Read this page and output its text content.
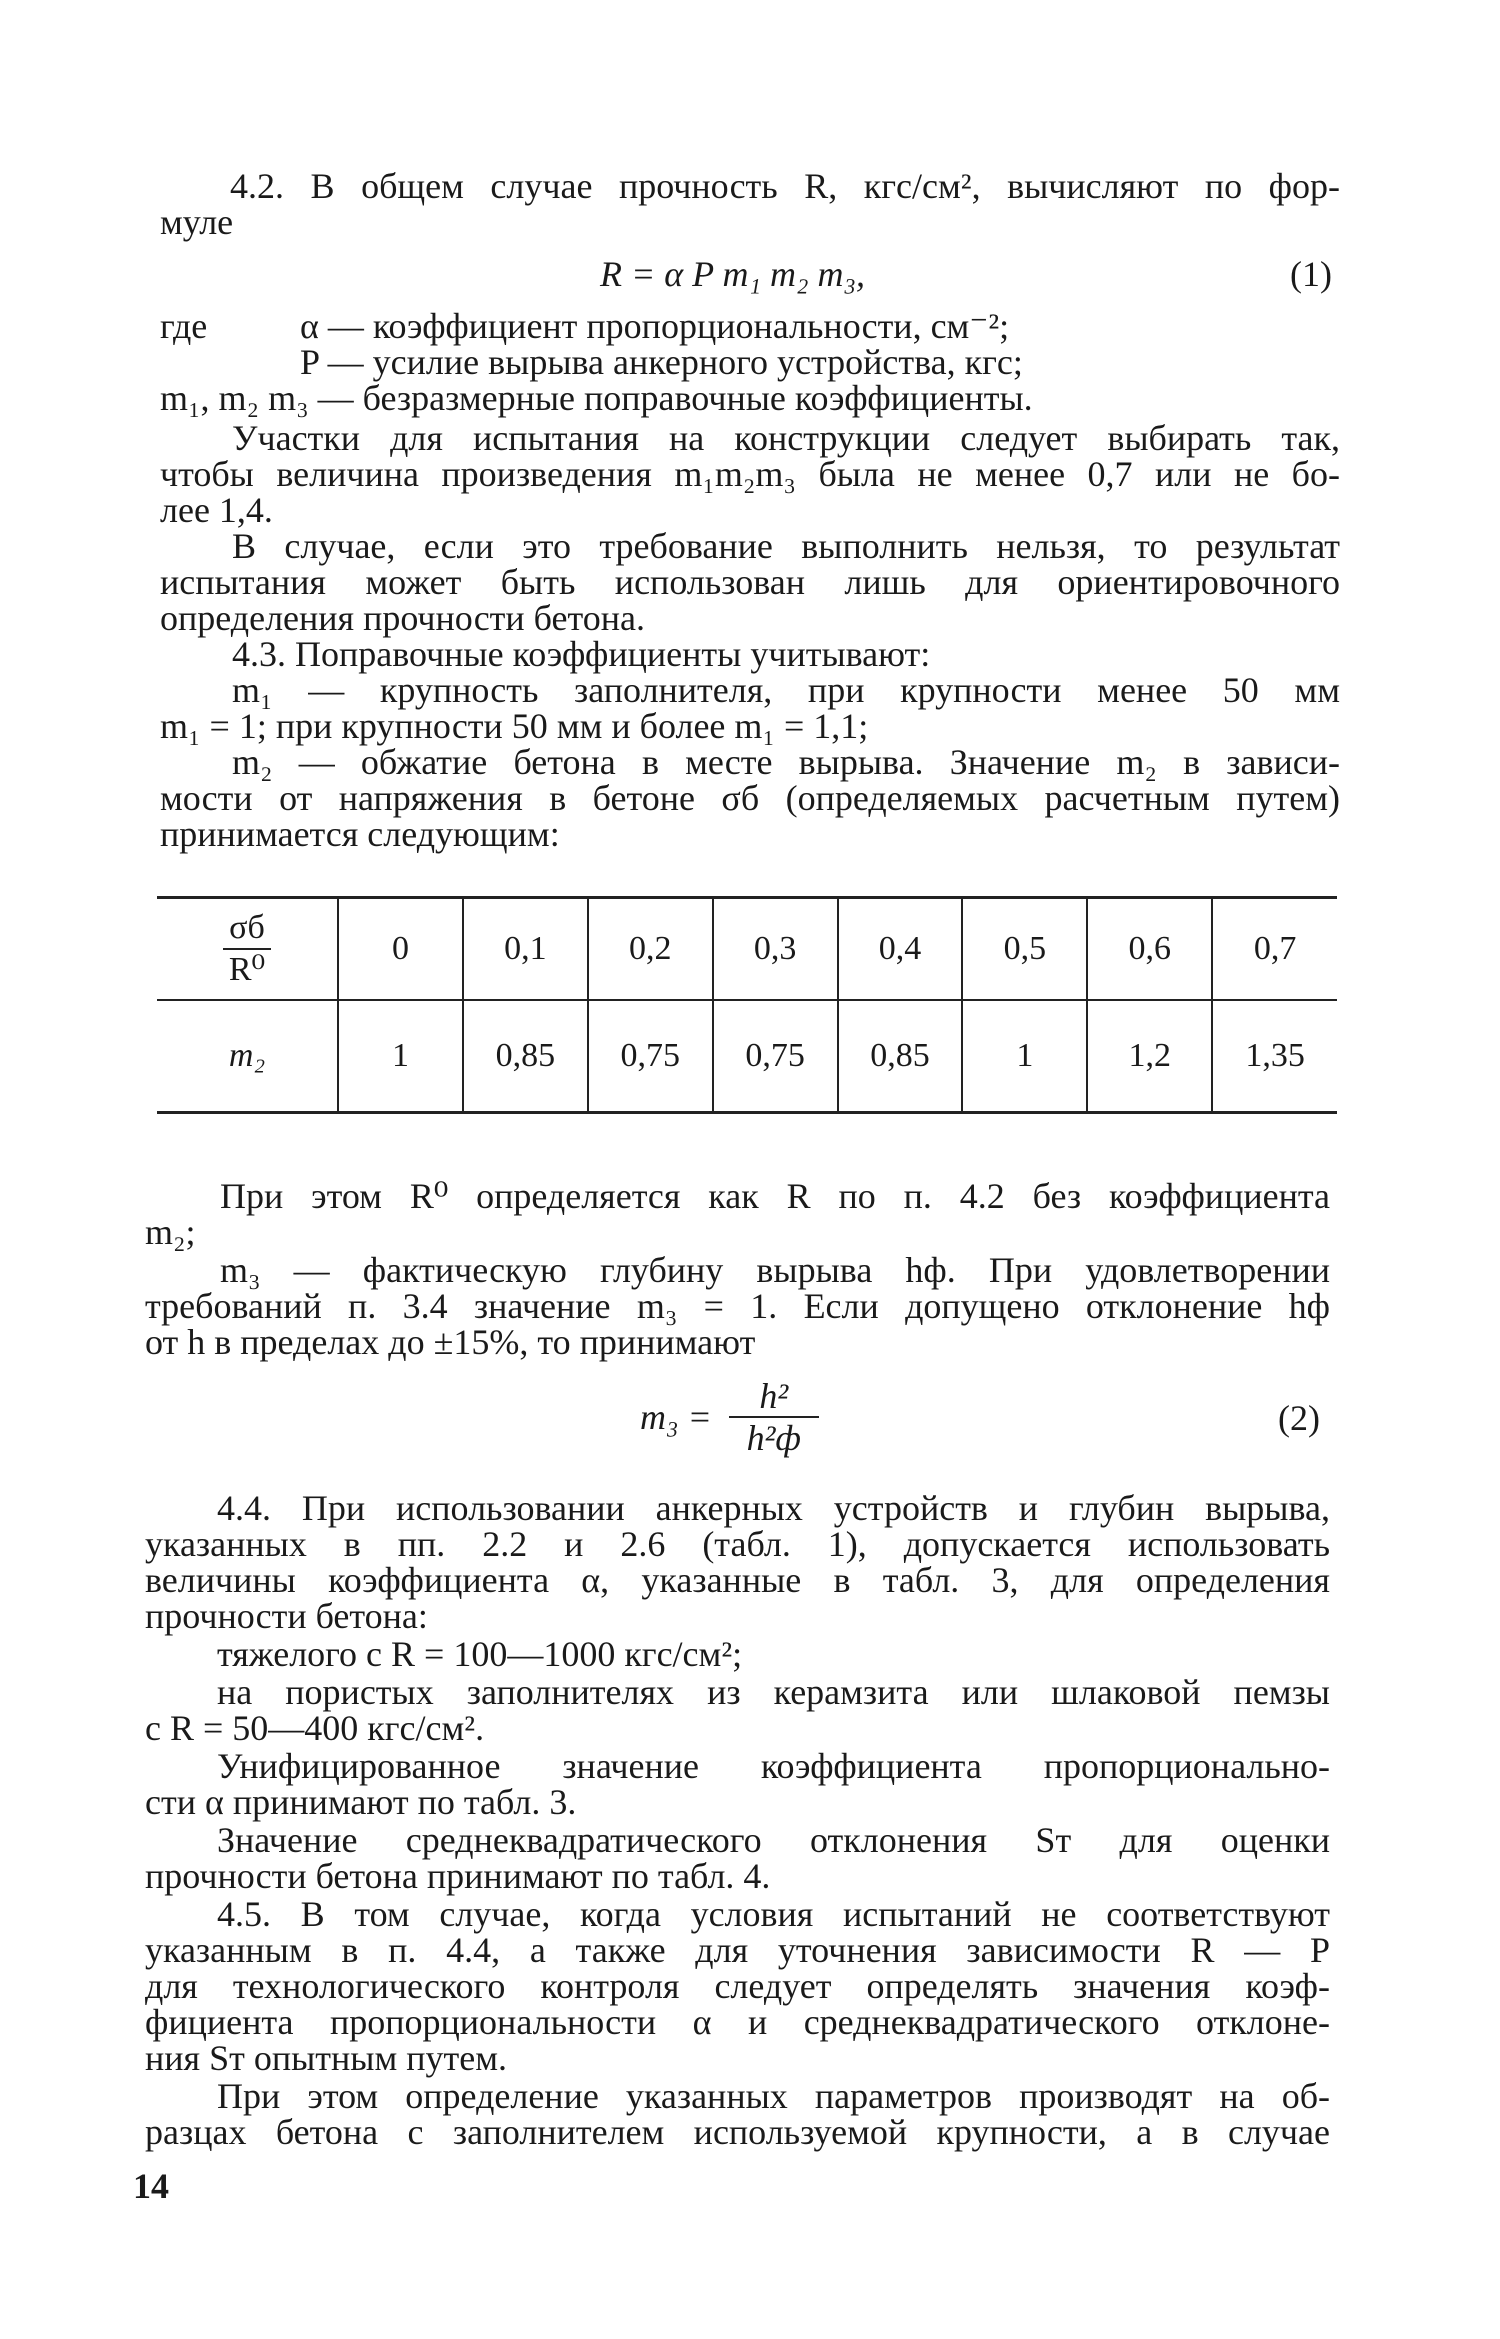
4.2. В общем случае прочность R, кгс/см², вычисляют по фор-
муле
R = α P m₁ m₂ m₃,	(1)
где	α — коэффициент пропорциональности, см⁻²;
P — усилие вырыва анкерного устройства, кгс;
m₁, m₂ m₃ — безразмерные поправочные коэффициенты.
Участки для испытания на конструкции следует выбирать так,
чтобы величина произведения m₁m₂m₃ была не менее 0,7 или не бо-
лее 1,4.
В случае, если это требование выполнить нельзя, то результат
испытания может быть использован лишь для ориентировочного
определения прочности бетона.
4.3. Поправочные коэффициенты учитывают:
m₁ — крупность заполнителя, при крупности менее 50 мм
m₁ = 1; при крупности 50 мм и более m₁ = 1,1;
m₂ — обжатие бетона в месте вырыва. Значение m₂ в зависи-
мости от напряжения в бетоне σб (определяемых расчетным путем)
принимается следующим:
$\frac{\sigma б}{\text{R⁰}}$	0	0,1	0,2	0,3	0,4	0,5	0,6	0,7
m₂	1	0,85	0,75	0,75	0,85	1	1,2	1,35
При этом R⁰ определяется как R по п. 4.2 без коэффициента
m₂;
m₃ — фактическую глубину вырыва hф. При удовлетворении
требований п. 3.4 значение m₃ = 1. Если допущено отклонение hф
от h в пределах до ±15%, то принимают
$m_3 = \frac{\text{h²}}{\text{h²ф}}$	(2)
4.4. При использовании анкерных устройств и глубин вырыва,
указанных в пп. 2.2 и 2.6 (табл. 1), допускается использовать
величины коэффициента α, указанные в табл. 3, для определения
прочности бетона:
тяжелого с R = 100—1000 кгс/см²;
на пористых заполнителях из керамзита или шлаковой пемзы
с R = 50—400 кгс/см².
Унифицированное значение коэффициента пропорционально-
сти α принимают по табл. 3.
Значение среднеквадратического отклонения Sт для оценки
прочности бетона принимают по табл. 4.
4.5. В том случае, когда условия испытаний не соответствуют
указанным в п. 4.4, а также для уточнения зависимости R — P
для технологического контроля следует определять значения коэф-
фициента пропорциональности α и среднеквадратического отклоне-
ния Sт опытным путем.
При этом определение указанных параметров производят на об-
разцах бетона с заполнителем используемой крупности, а в случае
14
